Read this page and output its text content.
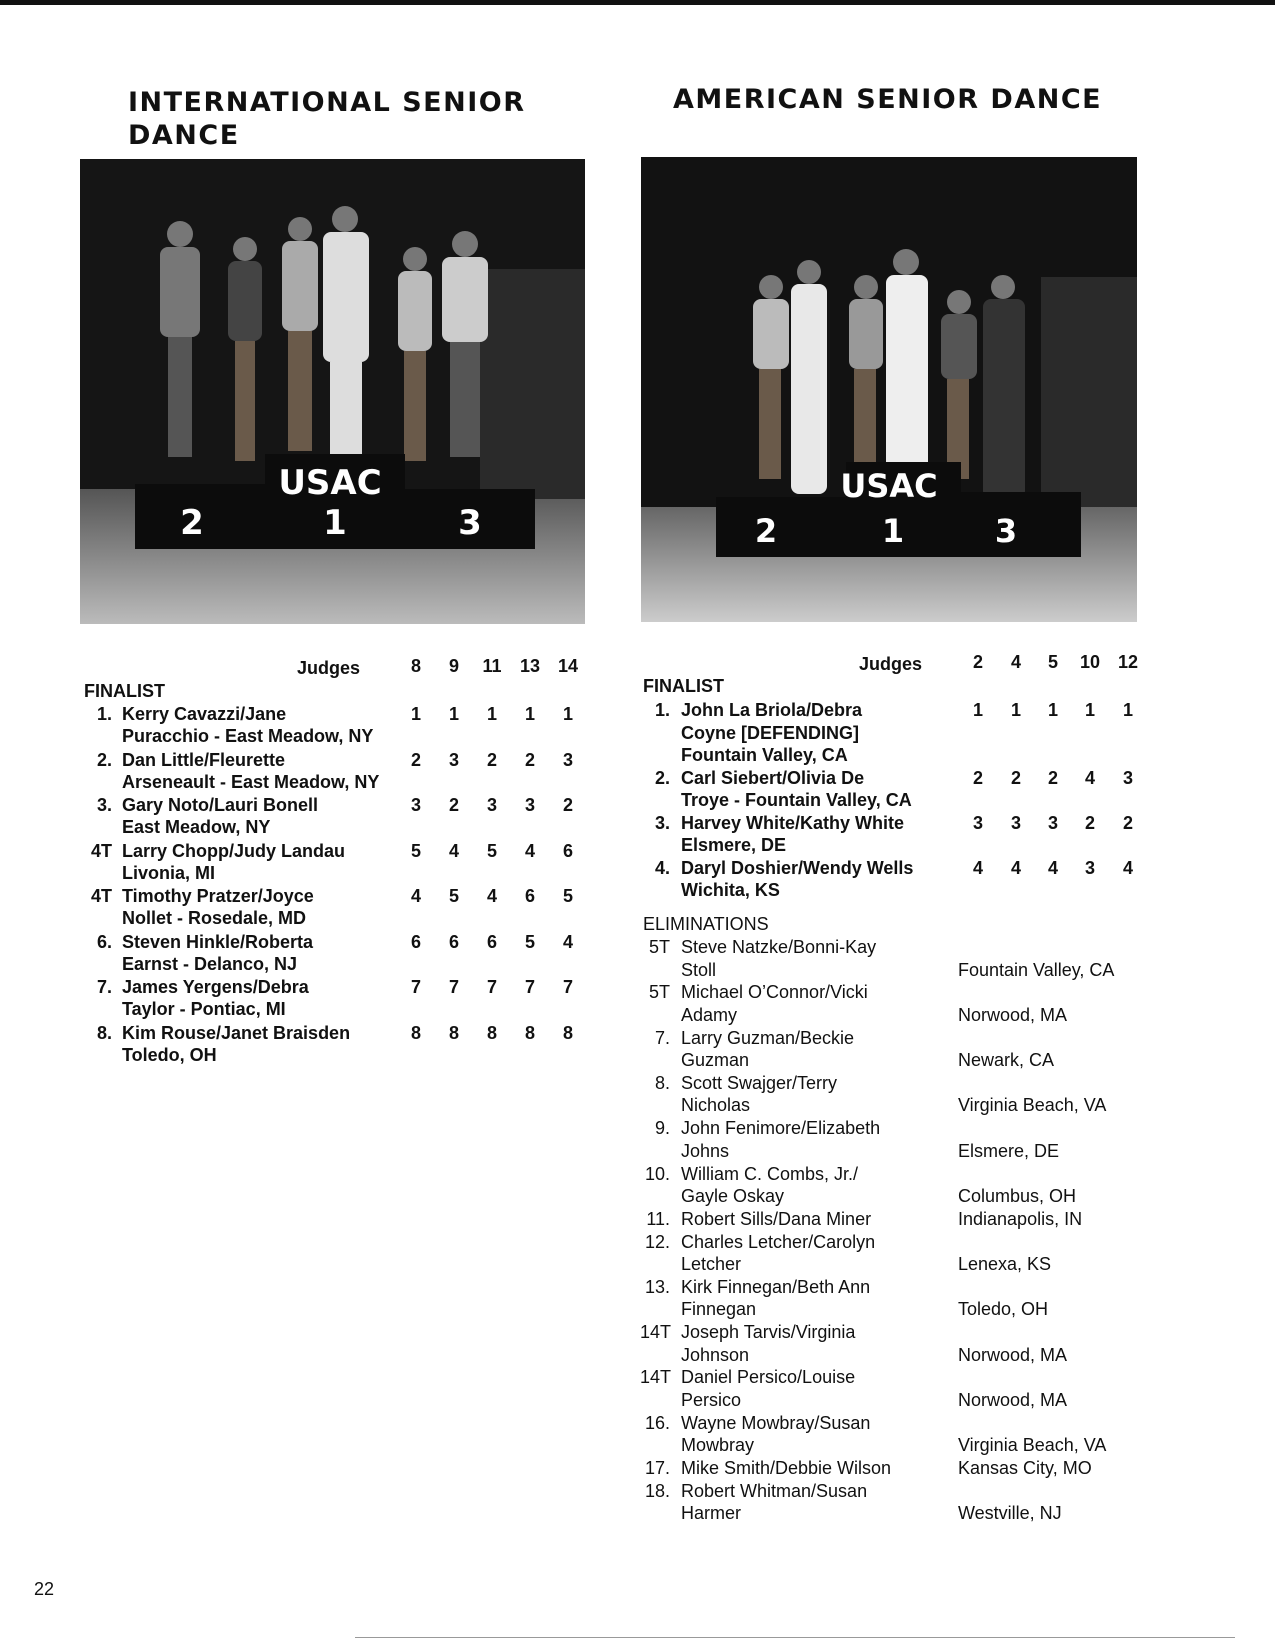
INTERNATIONAL SENIOR
DANCE
USAC
2	1	3
Judges	8	9	11	13 14
FINALIST
1. Kerry Cavazzi/Jane
Puracchio - East Meadow, NY
1	1	1	1	1
2. Dan Little/Fleurette
Arseneault - East Meadow, NY
2	3	2	2	3
3. Gary Noto/Lauri Bonell
East Meadow, NY
3	2	3	3	2
4T Larry Chopp/Judy Landau
Livonia, MI
5	4	5	4	6
4T Timothy Pratzer/Joyce
Nollet - Rosedale, MD
4	5	4	6	5
6. Steven Hinkle/Roberta
Earnst - Delanco, NJ
6	6	6	5	4
7. James Yergens/Debra
Taylor - Pontiac, MI
7	7	7	7	7
8. Kim Rouse/Janet Braisden
Toledo, OH
8	8	8	8	8
AMERICAN SENIOR DANCE
USAC
2	1	3
Judges	2	4	5	10 12
FINALIST
1. John La Briola/Debra
Coyne [DEFENDING]
Fountain Valley, CA
1	1	1	1	1
2. Carl Siebert/Olivia De
Troye - Fountain Valley, CA
2	2	2	4	3
3. Harvey White/Kathy White
Elsmere, DE
3	3	3	2	2
4. Daryl Doshier/Wendy Wells
Wichita, KS
4	4	4	3	4
ELIMINATIONS
5T Steve Natzke/Bonni-Kay
Stoll	Fountain Valley, CA
5T Michael O’Connor/Vicki
Adamy	Norwood, MA
7. Larry Guzman/Beckie
Guzman	Newark, CA
8. Scott Swajger/Terry
Nicholas	Virginia Beach, VA
9. John Fenimore/Elizabeth
Johns	Elsmere, DE
10. William C. Combs, Jr./
Gayle Oskay	Columbus, OH
11. Robert Sills/Dana Miner	Indianapolis, IN
12. Charles Letcher/Carolyn
Letcher	Lenexa, KS
13. Kirk Finnegan/Beth Ann
Finnegan	Toledo, OH
14T Joseph Tarvis/Virginia
Johnson	Norwood, MA
14T Daniel Persico/Louise
Persico	Norwood, MA
16. Wayne Mowbray/Susan
Mowbray	Virginia Beach, VA
17. Mike Smith/Debbie Wilson	Kansas City, MO
18. Robert Whitman/Susan
Harmer	Westville, NJ
22
